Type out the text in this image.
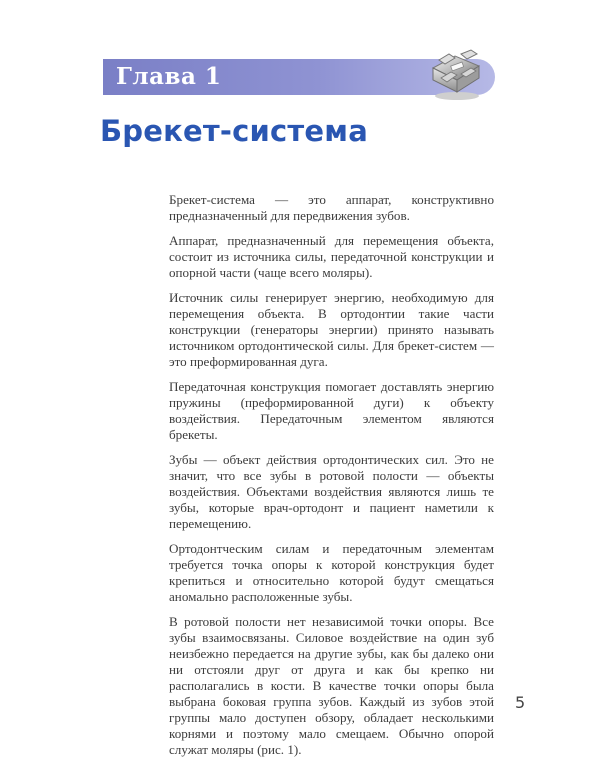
Глава 1
Брекет-система

Брекет-система — это аппарат, конструктивно предназначенный для передвижения зубов.

Аппарат, предназначенный для перемещения объекта, состоит из источника силы, передаточной конструкции и опорной части (чаще всего моляры).

Источник силы генерирует энергию, необходимую для перемещения объекта. В ортодонтии такие части конструкции (генераторы энергии) принято называть источником ортодонтической силы. Для брекет-систем — это преформированная дуга.

Передаточная конструкция помогает доставлять энергию пружины (преформированной дуги) к объекту воздействия. Передаточным элементом являются брекеты.

Зубы — объект действия ортодонтических сил. Это не значит, что все зубы в ротовой полости — объекты воздействия. Объектами воздействия являются лишь те зубы, которые врач-ортодонт и пациент наметили к перемещению.

Ортодонтческим силам и передаточным элементам требуется точка опоры к которой конструкция будет крепиться и относительно которой будут смещаться аномально расположенные зубы.

В ротовой полости нет независимой точки опоры. Все зубы взаимосвязаны. Силовое воздействие на один зуб неизбежно передается на другие зубы, как бы далеко они ни отстояли друг от друга и как бы крепко ни располагались в кости. В качестве точки опоры была выбрана боковая группа зубов. Каждый из зубов этой группы мало доступен обзору, обладает несколькими корнями и поэтому мало смещаем. Обычно опорой служат моляры (рис. 1).

5
